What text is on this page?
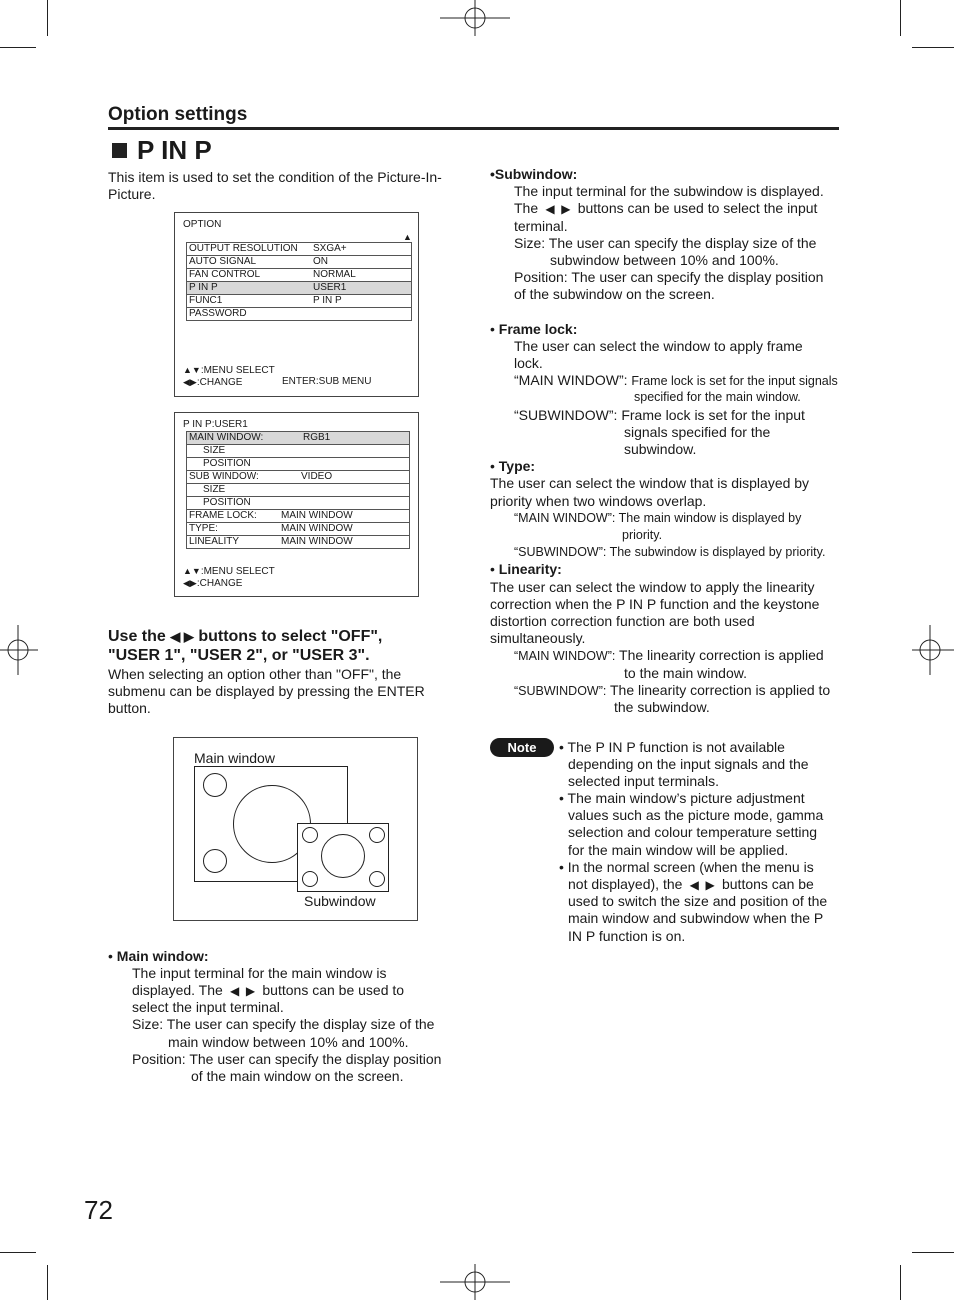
Option settings
P IN P
This item is used to set the condition of the Picture-In-Picture.
OPTION
▲
OUTPUT RESOLUTION SXGA+
AUTO SIGNAL	ON
FAN CONTROL	NORMAL
P IN P	USER1
FUNC1	P IN P
PASSWORD
▲▼:MENU SELECT
◀▶:CHANGE	ENTER:SUB MENU
P IN P:USER1
MAIN WINDOW:	RGB1
SIZE
POSITION
SUB WINDOW:	VIDEO
SIZE
POSITION
FRAME LOCK: MAIN WINDOW
TYPE:	MAIN WINDOW
LINEALITY	MAIN WINDOW
▲▼:MENU SELECT
◀▶:CHANGE
Use the ◀ ▶ buttons to select "OFF",
"USER 1", "USER 2", or "USER 3".
When selecting an option other than "OFF", the submenu can be displayed by pressing the ENTER button.
Main window
Subwindow
• Main window:
The input terminal for the main window is
displayed. The  ◀  ▶  buttons can be used to
select the input terminal.
Size: The user can specify the display size of the
main window between 10% and 100%.
Position: The user can specify the display position
of the main window on the screen.
•Subwindow:
The input terminal for the subwindow is displayed.
The  ◀  ▶  buttons can be used to select the input
terminal.
Size: The user can specify the display size of the
subwindow between 10% and 100%.
Position: The user can specify the display position
of the subwindow on the screen.
• Frame lock:
The user can select the window to apply frame
lock.
“MAIN WINDOW”: Frame lock is set for the input signals
specified for the main window.
“SUBWINDOW”: Frame lock is set for the input
signals specified for the
subwindow.
• Type:
The user can select the window that is displayed by
priority when two windows overlap.
“MAIN WINDOW”: The main window is displayed by
priority.
“SUBWINDOW”: The subwindow is displayed by priority.
• Linearity:
The user can select the window to apply the linearity
correction when the P IN P function and the keystone
distortion correction function are both used
simultaneously.
“MAIN WINDOW”: The linearity correction is applied
to the main window.
“SUBWINDOW”: The linearity correction is applied to
the subwindow.
Note	• The P IN P function is not available
depending on the input signals and the
selected input terminals.
• The main window’s picture adjustment
values such as the picture mode, gamma
selection and colour temperature setting
for the main window will be applied.
• In the normal screen (when the menu is
not displayed), the  ◀  ▶  buttons can be
used to switch the size and position of the
main window and subwindow when the P
IN P function is on.
72
